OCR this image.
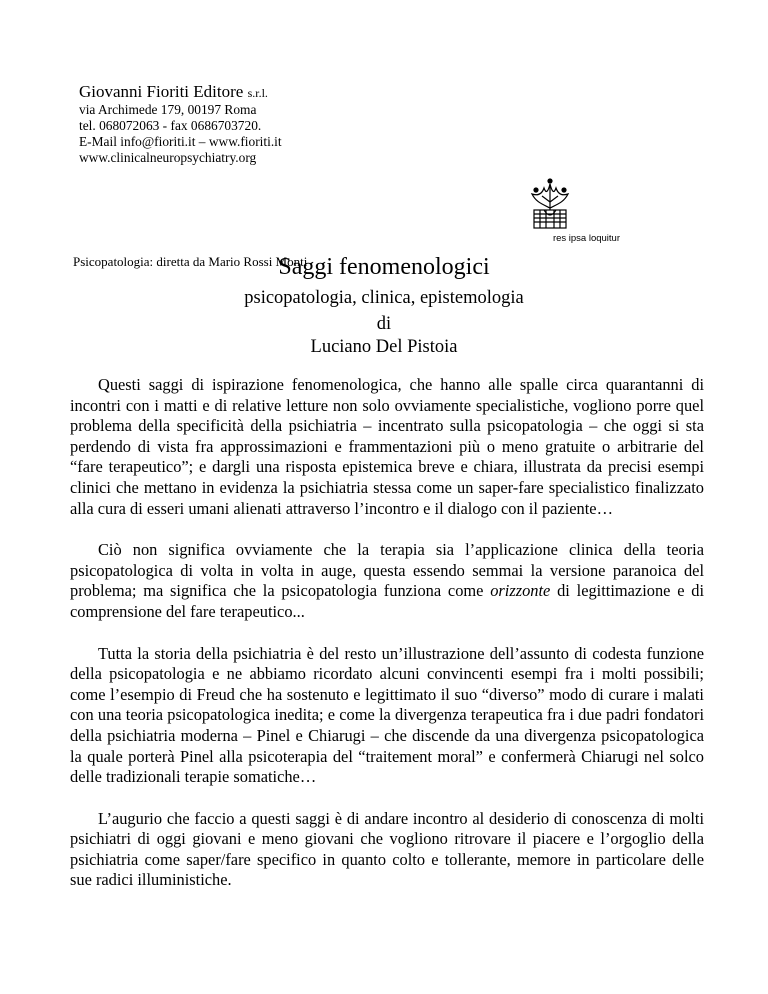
Giovanni Fioriti Editore s.r.l.
via Archimede 179, 00197 Roma
tel. 068072063 - fax 0686703720.
E-Mail info@fioriti.it – www.fioriti.it
www.clinicalneuropsychiatry.org
res ipsa loquitur
Psicopatologia: diretta da Mario Rossi Monti
Saggi fenomenologici
psicopatologia, clinica, epistemologia
di
Luciano Del Pistoia

Questi saggi di ispirazione fenomenologica, che hanno alle spalle circa quarantanni di incontri con i matti e di relative letture non solo ovviamente specialistiche, vogliono porre quel problema della specificità della psichiatria – incentrato sulla psicopatologia – che oggi si sta perdendo di vista fra approssimazioni e frammentazioni più o meno gratuite o arbitrarie del “fare terapeutico”; e dargli una risposta epistemica breve e chiara, illustrata da precisi esempi clinici che mettano in evidenza la psichiatria stessa come un saper-fare specialistico finalizzato alla cura di esseri umani alienati attraverso l’incontro e il dialogo con il paziente…

Ciò non significa ovviamente che la terapia sia l’applicazione clinica della teoria psicopatologica di volta in volta in auge, questa essendo semmai la versione paranoica del problema; ma significa che la psicopatologia funziona come orizzonte di legittimazione e di comprensione del fare terapeutico...

Tutta la storia della psichiatria è del resto un’illustrazione dell’assunto di codesta funzione della psicopatologia e ne abbiamo ricordato alcuni convincenti esempi fra i molti possibili; come l’esempio di Freud che ha sostenuto e legittimato il suo “diverso” modo di curare i malati con una teoria psicopatologica inedita; e come la divergenza terapeutica fra i due padri fondatori della psichiatria moderna – Pinel e Chiarugi – che discende da una divergenza psicopatologica la quale porterà Pinel alla psicoterapia del “traitement moral” e confermerà Chiarugi nel solco delle tradizionali terapie somatiche…

L’augurio che faccio a questi saggi è di andare incontro al desiderio di conoscenza di molti psichiatri di oggi giovani e meno giovani che vogliono ritrovare il piacere e l’orgoglio della psichiatria come saper/fare specifico in quanto colto e tollerante, memore in particolare delle sue radici illuministiche.
